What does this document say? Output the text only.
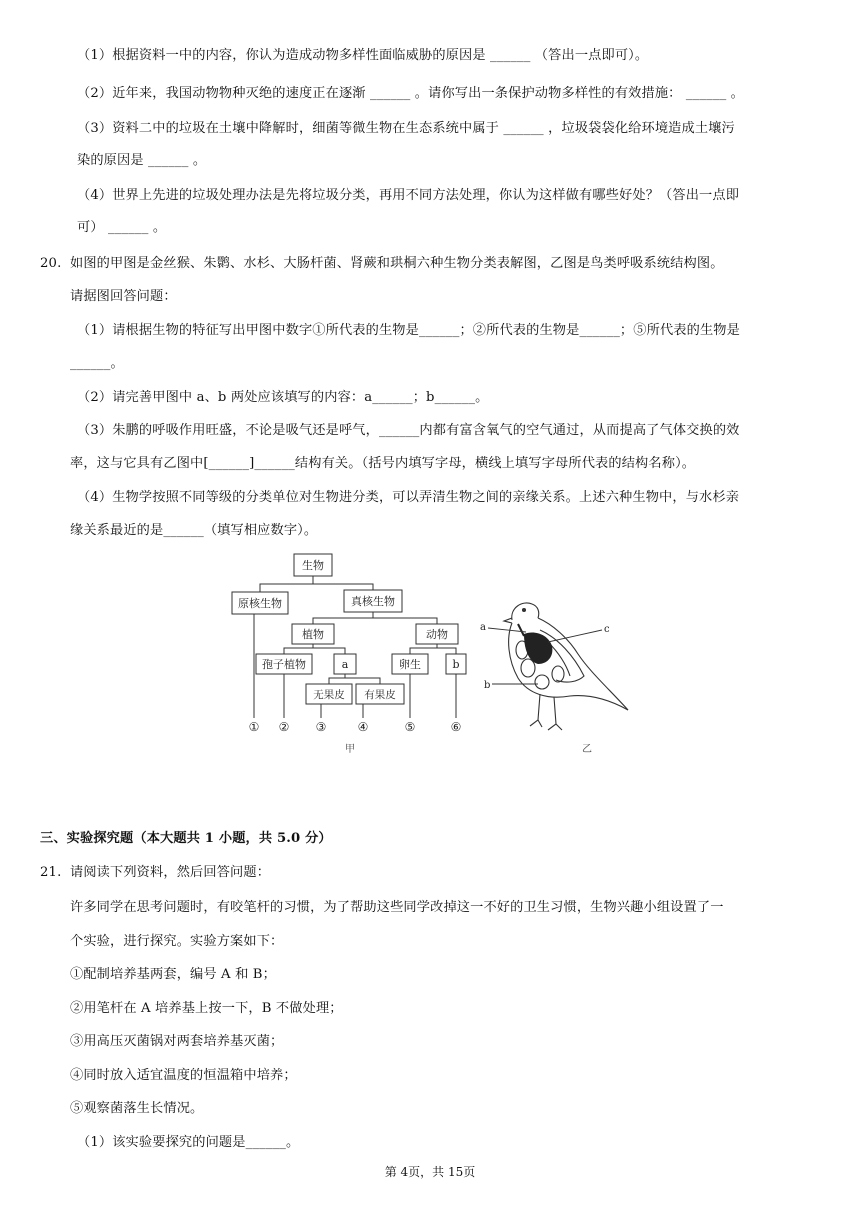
（1）根据资料一中的内容，你认为造成动物多样性面临威胁的原因是 ______ （答出一点即可）。
（2）近年来，我国动物物种灭绝的速度正在逐渐 ______ 。请你写出一条保护动物多样性的有效措施： ______ 。
（3）资料二中的垃圾在土壤中降解时，细菌等微生物在生态系统中属于 ______ ，垃圾袋袋化给环境造成土壤污
染的原因是 ______ 。
（4）世界上先进的垃圾处理办法是先将垃圾分类，再用不同方法处理，你认为这样做有哪些好处？（答出一点即
可） ______ 。
20. 如图的甲图是金丝猴、朱鹮、水杉、大肠杆菌、肾蕨和珙桐六种生物分类表解图，乙图是鸟类呼吸系统结构图。
请据图回答问题：
（1）请根据生物的特征写出甲图中数字①所代表的生物是______；②所代表的生物是______；⑤所代表的生物是
______。
（2）请完善甲图中 a、b 两处应该填写的内容：a______；b______。
（3）朱鹏的呼吸作用旺盛，不论是吸气还是呼气，______内都有富含氧气的空气通过，从而提高了气体交换的效
率，这与它具有乙图中[______]______结构有关。（括号内填写字母，横线上填写字母所代表的结构名称）。
（4）生物学按照不同等级的分类单位对生物进分类，可以弄清生物之间的亲缘关系。上述六种生物中，与水杉亲
缘关系最近的是______（填写相应数字）。
生物
原核生物	真核生物
植物	动物
孢子植物	a	卵生	b
无果皮 有果皮
① ② ③	④	⑤	⑥
甲
a
b
c
乙
三、实验探究题（本大题共 1 小题，共 5.0 分）
21. 请阅读下列资料，然后回答问题：
许多同学在思考问题时，有咬笔杆的习惯，为了帮助这些同学改掉这一不好的卫生习惯，生物兴趣小组设置了一
个实验，进行探究。实验方案如下：
①配制培养基两套，编号 A 和 B；
②用笔杆在 A 培养基上按一下，B 不做处理；
③用高压灭菌锅对两套培养基灭菌；
④同时放入适宜温度的恒温箱中培养；
⑤观察菌落生长情况。
（1）该实验要探究的问题是______。
第 4页，共 15页
